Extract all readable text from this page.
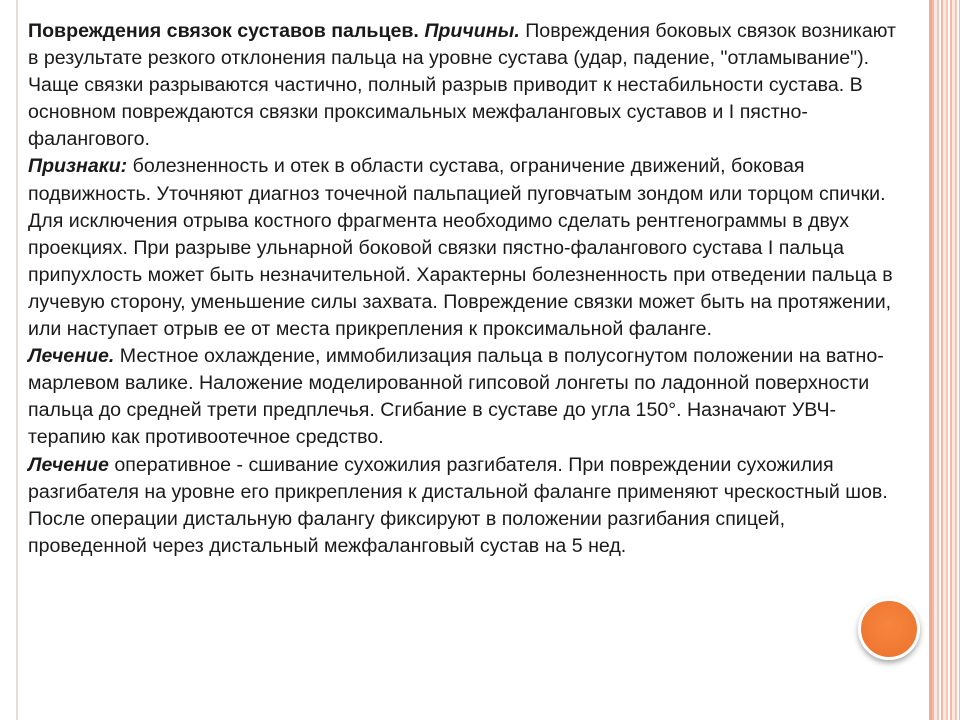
Повреждения связок суставов пальцев. Причины. Повреждения боковых связок возникают в результате резкого отклонения пальца на уровне сустава (удар, падение, "отламывание"). Чаще связки разрываются частично, полный разрыв приводит к нестабильности сустава. В основном повреждаются связки проксимальных межфаланговых суставов и I пястно-фалангового.

Признаки: болезненность и отек в области сустава, ограничение движений, боковая подвижность. Уточняют диагноз точечной пальпацией пуговчатым зондом или торцом спички. Для исключения отрыва костного фрагмента необходимо сделать рентгенограммы в двух проекциях. При разрыве ульнарной боковой связки пястно-фалангового сустава I пальца припухлость может быть незначительной. Характерны болезненность при отведении пальца в лучевую сторону, уменьшение силы захвата. Повреждение связки может быть на протяжении, или наступает отрыв ее от места прикрепления к проксимальной фаланге.

Лечение. Местное охлаждение, иммобилизация пальца в полусогнутом положении на ватно-марлевом валике. Наложение моделированной гипсовой лонгеты по ладонной поверхности пальца до средней трети предплечья. Сгибание в суставе до угла 150°. Назначают УВЧ-терапию как противоотечное средство.

Лечение оперативное - сшивание сухожилия разгибателя. При повреждении сухожилия разгибателя на уровне его прикрепления к дистальной фаланге применяют чрескостный шов. После операции дистальную фалангу фиксируют в положении разгибания спицей, проведенной через дистальный межфаланговый сустав на 5 нед.
